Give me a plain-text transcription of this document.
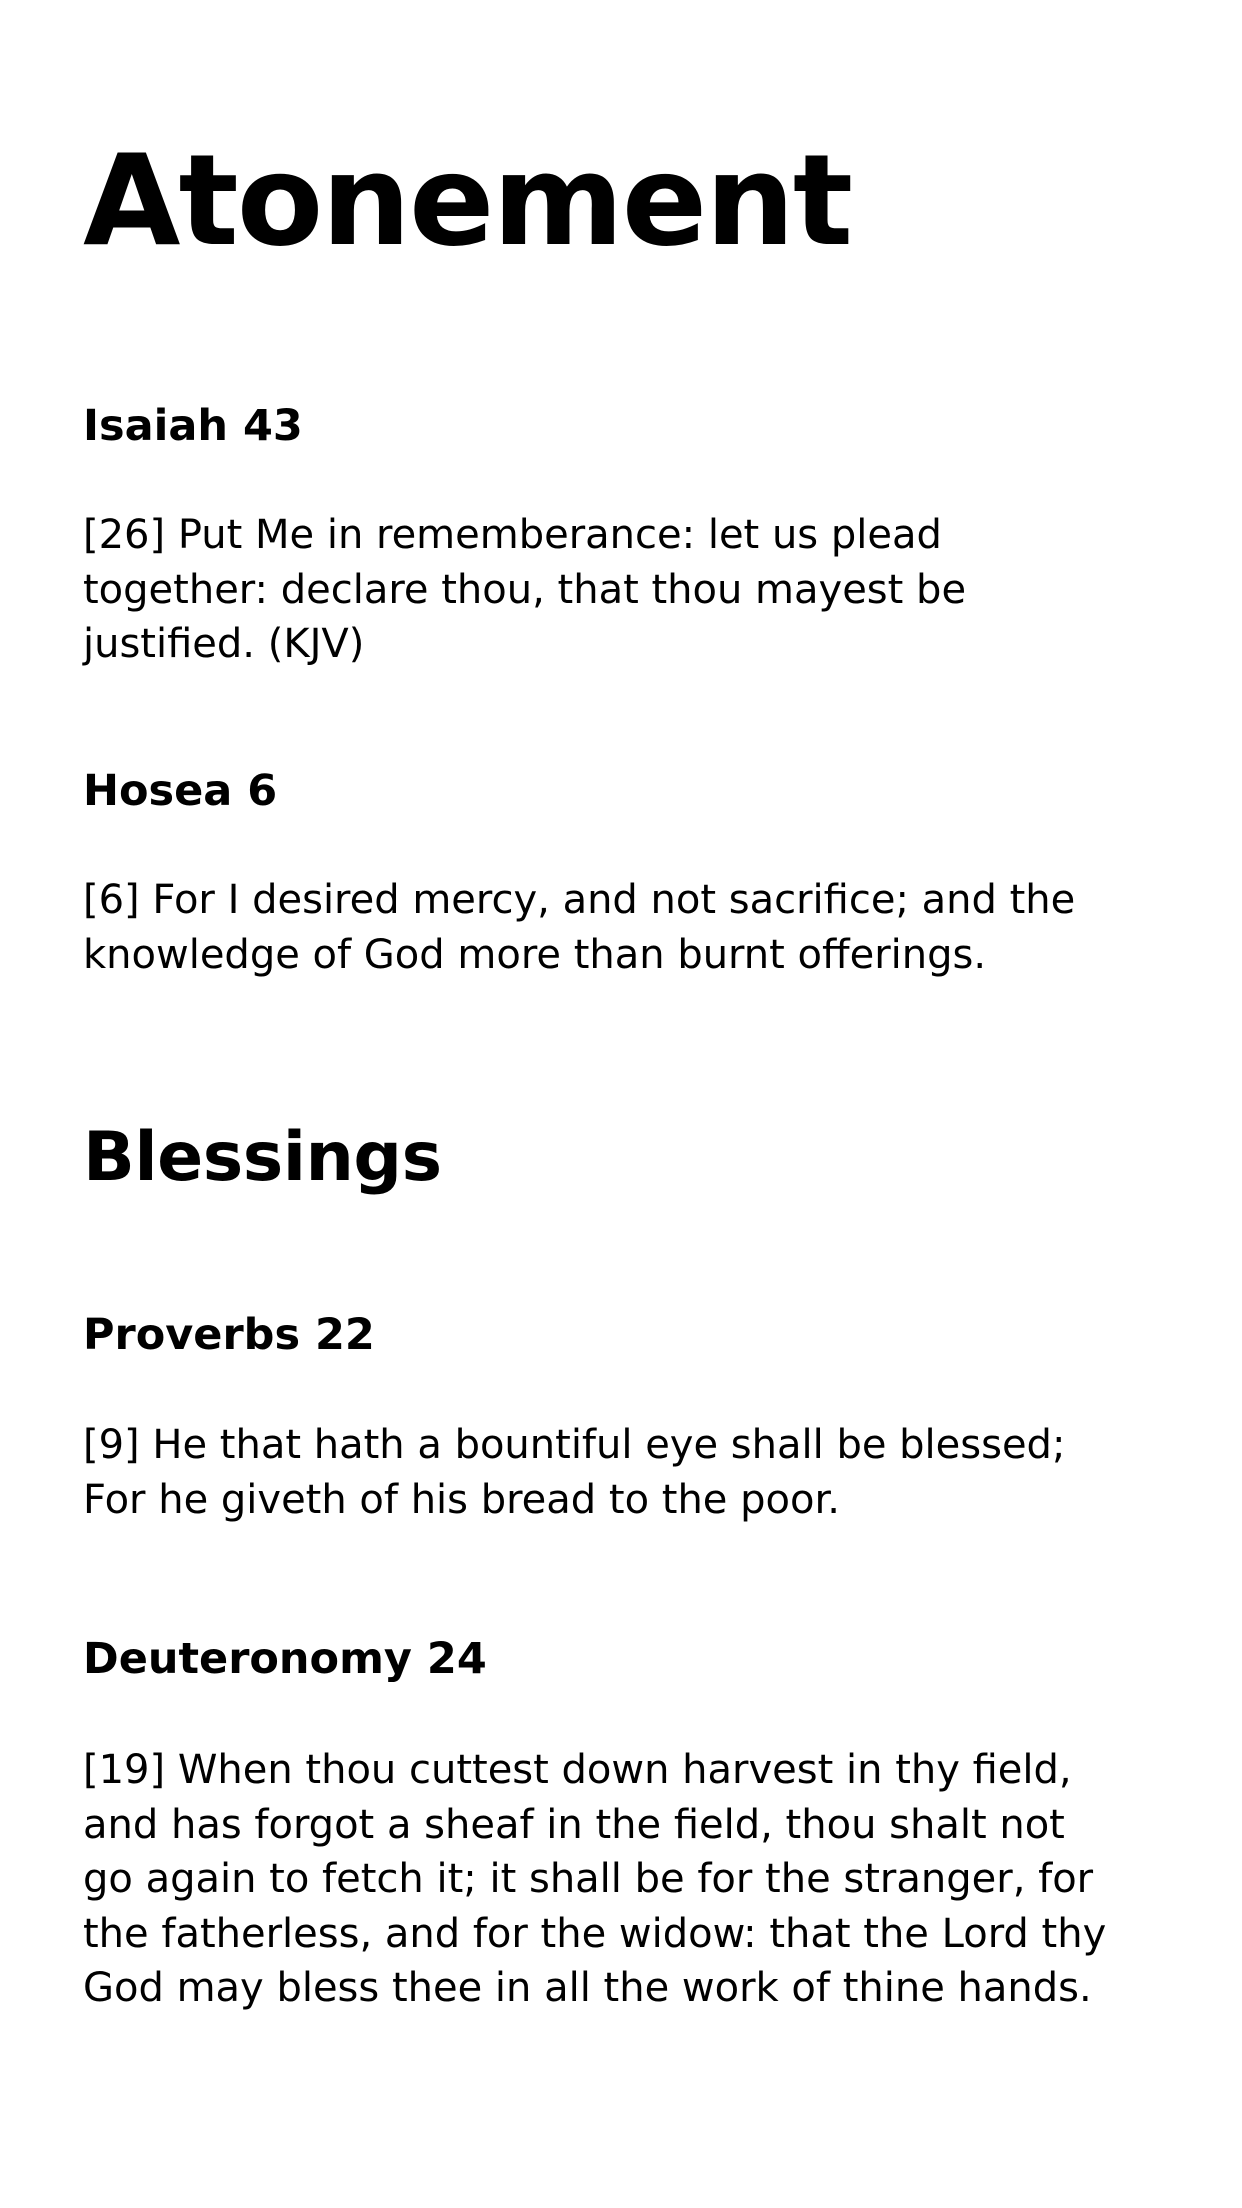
Atonement
Isaiah 43

[26] Put Me in rememberance: let us plead
together: declare thou, that thou mayest be
justified. (KJV)

Hosea 6

[6] For I desired mercy, and not sacrifice; and the
knowledge of God more than burnt offerings.

Blessings
Proverbs 22

[9] He that hath a bountiful eye shall be blessed;
For he giveth of his bread to the poor.

Deuteronomy 24

[19] When thou cuttest down harvest in thy field,
and has forgot a sheaf in the field, thou shalt not
go again to fetch it; it shall be for the stranger, for
the fatherless, and for the widow: that the Lord thy
God may bless thee in all the work of thine hands.
